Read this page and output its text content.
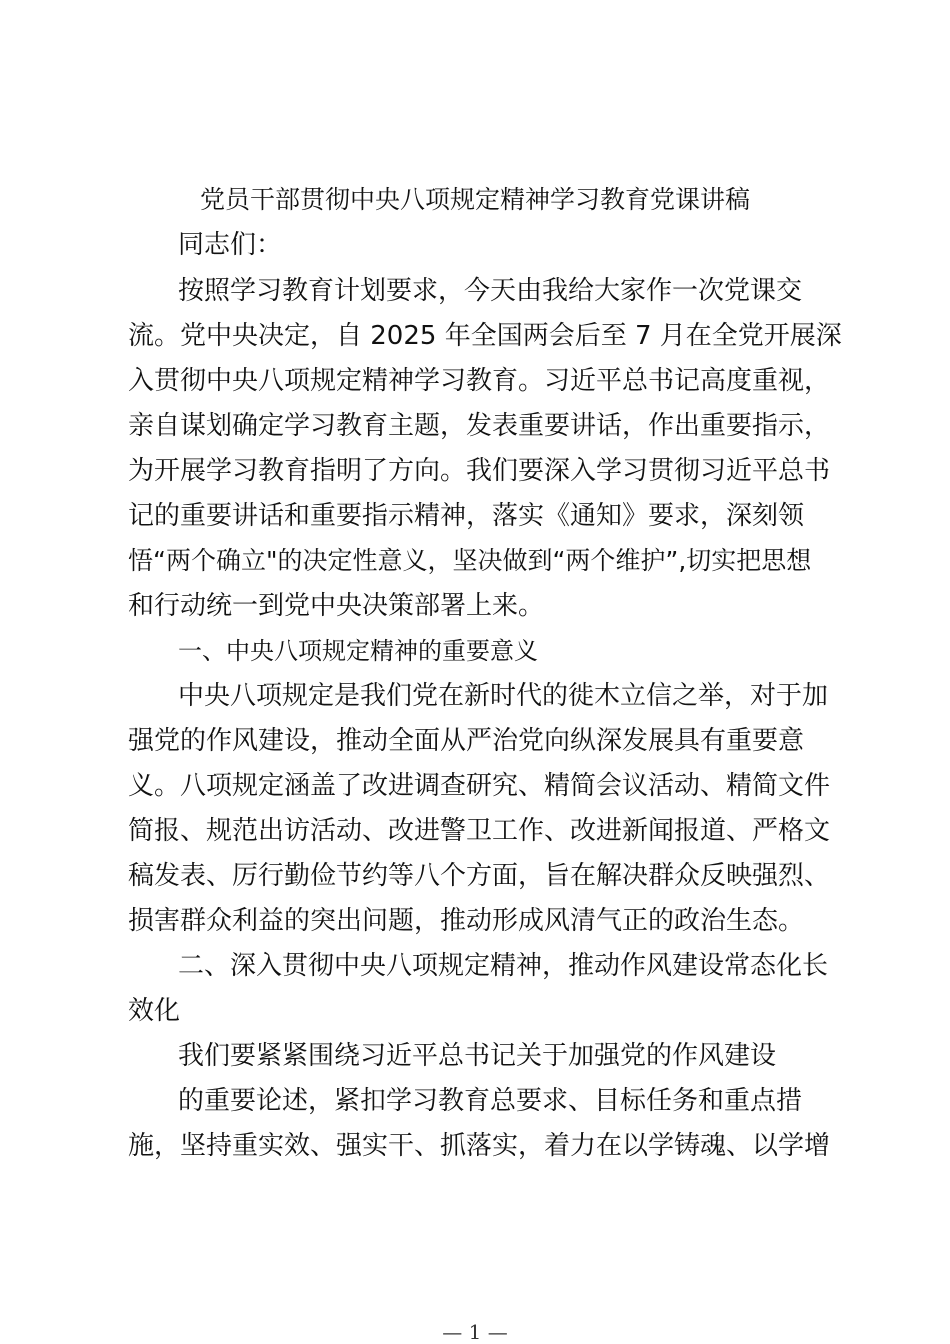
党员干部贯彻中央八项规定精神学习教育党课讲稿
同志们：
按照学习教育计划要求，今天由我给大家作一次党课交
流。党中央决定，自 2025 年全国两会后至 7 月在全党开展深
入贯彻中央八项规定精神学习教育。习近平总书记高度重视，
亲自谋划确定学习教育主题，发表重要讲话，作出重要指示，
为开展学习教育指明了方向。我们要深入学习贯彻习近平总书
记的重要讲话和重要指示精神，落实《通知》要求，深刻领
悟“两个确立"的决定性意义，坚决做到“两个维护”,切实把思想
和行动统一到党中央决策部署上来。
一、中央八项规定精神的重要意义
中央八项规定是我们党在新时代的徙木立信之举，对于加
强党的作风建设，推动全面从严治党向纵深发展具有重要意
义。八项规定涵盖了改进调查研究、精简会议活动、精简文件
简报、规范出访活动、改进警卫工作、改进新闻报道、严格文
稿发表、厉行勤俭节约等八个方面，旨在解决群众反映强烈、
损害群众利益的突出问题，推动形成风清气正的政治生态。
二、深入贯彻中央八项规定精神，推动作风建设常态化长
效化
我们要紧紧围绕习近平总书记关于加强党的作风建设
的重要论述，紧扣学习教育总要求、目标任务和重点措
施，坚持重实效、强实干、抓落实，着力在以学铸魂、以学增
— 1 —
